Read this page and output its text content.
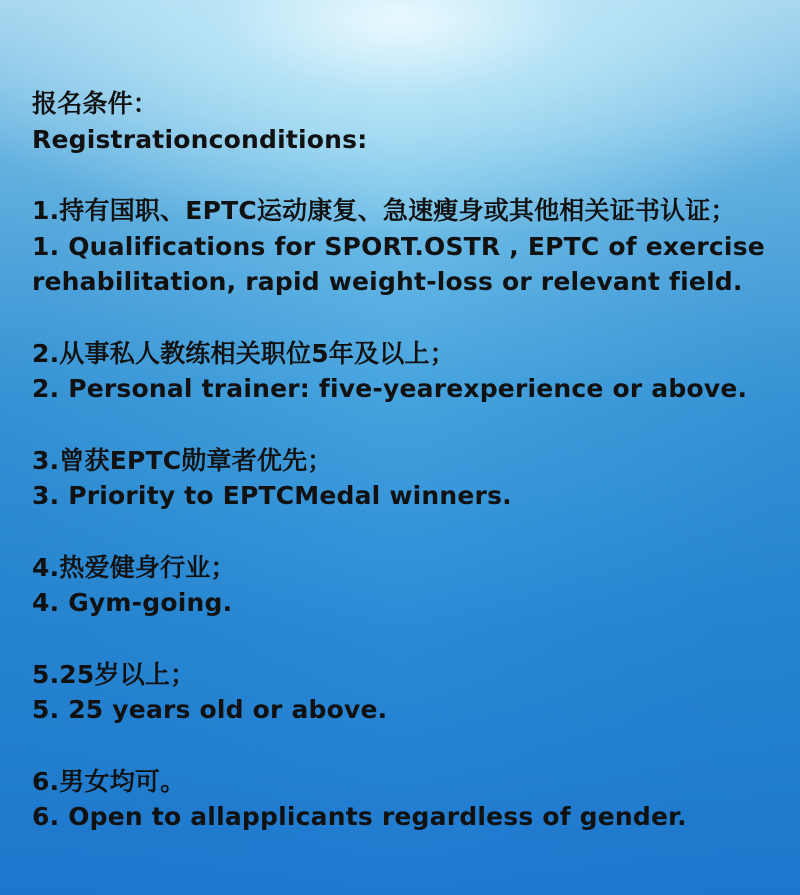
报名条件：
Registrationconditions:
1.持有国职、EPTC运动康复、急速瘦身或其他相关证书认证；
1. Qualifications for SPORT.OSTR , EPTC of exercise
rehabilitation, rapid weight-loss or relevant field.
2.从事私人教练相关职位5年及以上；
2. Personal trainer: five-yearexperience or above.
3.曾获EPTC勋章者优先；
3. Priority to EPTCMedal winners.
4.热爱健身行业；
4. Gym-going.
5.25岁以上；
5. 25 years old or above.
6.男女均可。
6. Open to allapplicants regardless of gender.
